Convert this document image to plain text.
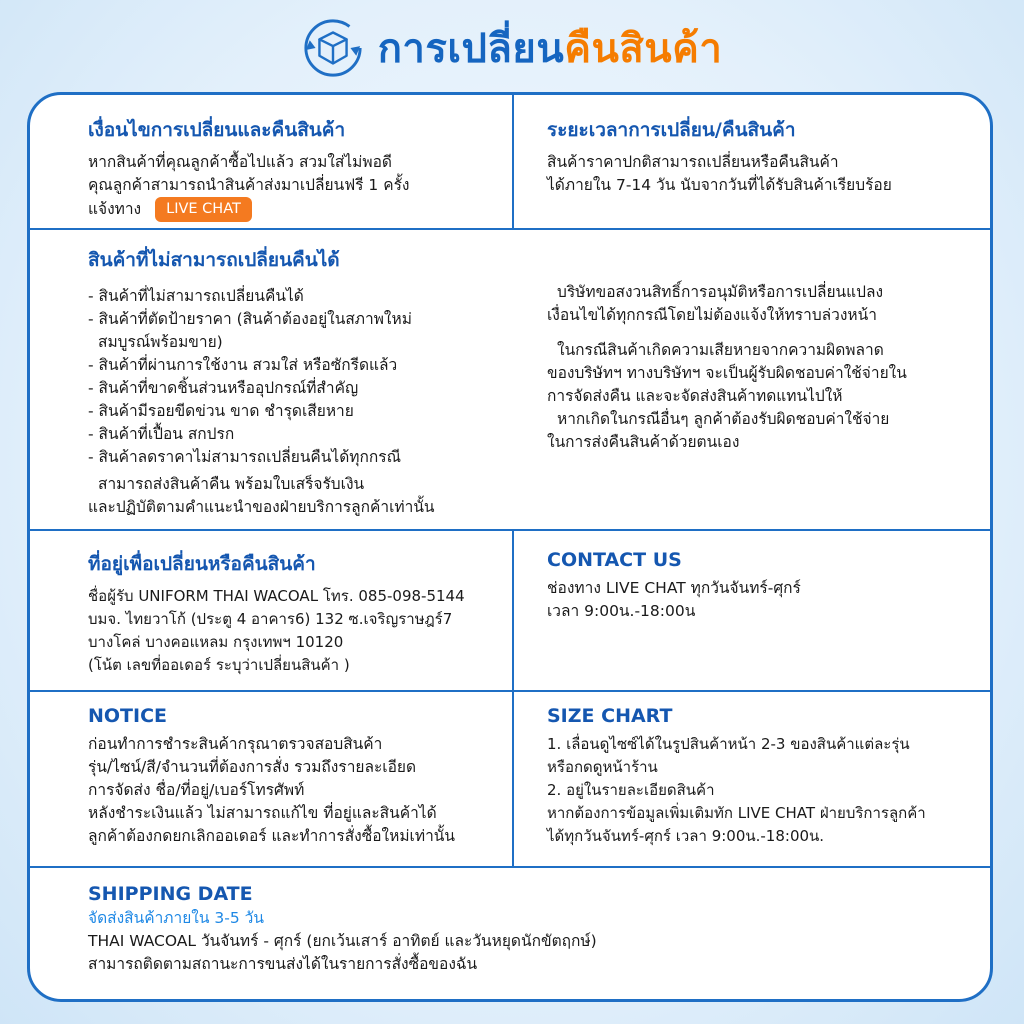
การเปลี่ยนคืนสินค้า
เงื่อนไขการเปลี่ยนและคืนสินค้า
หากสินค้าที่คุณลูกค้าซื้อไปแล้ว สวมใส่ไม่พอดี
คุณลูกค้าสามารถนำสินค้าส่งมาเปลี่ยนฟรี 1 ครั้ง
แจ้งทาง LIVE CHAT
ระยะเวลาการเปลี่ยน/คืนสินค้า
สินค้าราคาปกติสามารถเปลี่ยนหรือคืนสินค้า
ได้ภายใน 7-14 วัน นับจากวันที่ได้รับสินค้าเรียบร้อย
สินค้าที่ไม่สามารถเปลี่ยนคืนได้
- สินค้าที่ไม่สามารถเปลี่ยนคืนได้
- สินค้าที่ตัดป้ายราคา (สินค้าต้องอยู่ในสภาพใหม่
สมบูรณ์พร้อมขาย)
- สินค้าที่ผ่านการใช้งาน สวมใส่ หรือซักรีดแล้ว
- สินค้าที่ขาดชิ้นส่วนหรืออุปกรณ์ที่สำคัญ
- สินค้ามีรอยขีดข่วน ขาด ชำรุดเสียหาย
- สินค้าที่เปื้อน สกปรก
- สินค้าลดราคาไม่สามารถเปลี่ยนคืนได้ทุกกรณี
สามารถส่งสินค้าคืน พร้อมใบเสร็จรับเงิน
และปฏิบัติตามคำแนะนำของฝ่ายบริการลูกค้าเท่านั้น
บริษัทขอสงวนสิทธิ์การอนุมัติหรือการเปลี่ยนแปลง
เงื่อนไขได้ทุกกรณีโดยไม่ต้องแจ้งให้ทราบล่วงหน้า
ในกรณีสินค้าเกิดความเสียหายจากความผิดพลาด
ของบริษัทฯ ทางบริษัทฯ จะเป็นผู้รับผิดชอบค่าใช้จ่ายใน
การจัดส่งคืน และจะจัดส่งสินค้าทดแทนไปให้
หากเกิดในกรณีอื่นๆ ลูกค้าต้องรับผิดชอบค่าใช้จ่าย
ในการส่งคืนสินค้าด้วยตนเอง
ที่อยู่เพื่อเปลี่ยนหรือคืนสินค้า
ชื่อผู้รับ UNIFORM THAI WACOAL โทร. 085-098-5144
บมจ. ไทยวาโก้ (ประตู 4 อาคาร6) 132 ซ.เจริญราษฎร์7
บางโคล่ บางคอแหลม กรุงเทพฯ 10120
(โน้ต เลขที่ออเดอร์ ระบุว่าเปลี่ยนสินค้า )
CONTACT US
ช่องทาง LIVE CHAT ทุกวันจันทร์-ศุกร์
เวลา 9:00น.-18:00น
NOTICE
ก่อนทำการชำระสินค้ากรุณาตรวจสอบสินค้า
รุ่น/ไซน์/สี/จำนวนที่ต้องการสั่ง รวมถึงรายละเอียด
การจัดส่ง ชื่อ/ที่อยู่/เบอร์โทรศัพท์
หลังชำระเงินแล้ว ไม่สามารถแก้ไข ที่อยู่และสินค้าได้
ลูกค้าต้องกดยกเลิกออเดอร์ และทำการสั่งซื้อใหม่เท่านั้น
SIZE CHART
1. เลื่อนดูไซซ์ได้ในรูปสินค้าหน้า 2-3 ของสินค้าแต่ละรุ่น
หรือกดดูหน้าร้าน
2. อยู่ในรายละเอียดสินค้า
หากต้องการข้อมูลเพิ่มเติมทัก LIVE CHAT ฝ่ายบริการลูกค้า
ได้ทุกวันจันทร์-ศุกร์ เวลา 9:00น.-18:00น.
SHIPPING DATE
จัดส่งสินค้าภายใน 3-5 วัน
THAI WACOAL วันจันทร์ - ศุกร์ (ยกเว้นเสาร์ อาทิตย์ และวันหยุดนักขัตฤกษ์)
สามารถติดตามสถานะการขนส่งได้ในรายการสั่งซื้อของฉัน
